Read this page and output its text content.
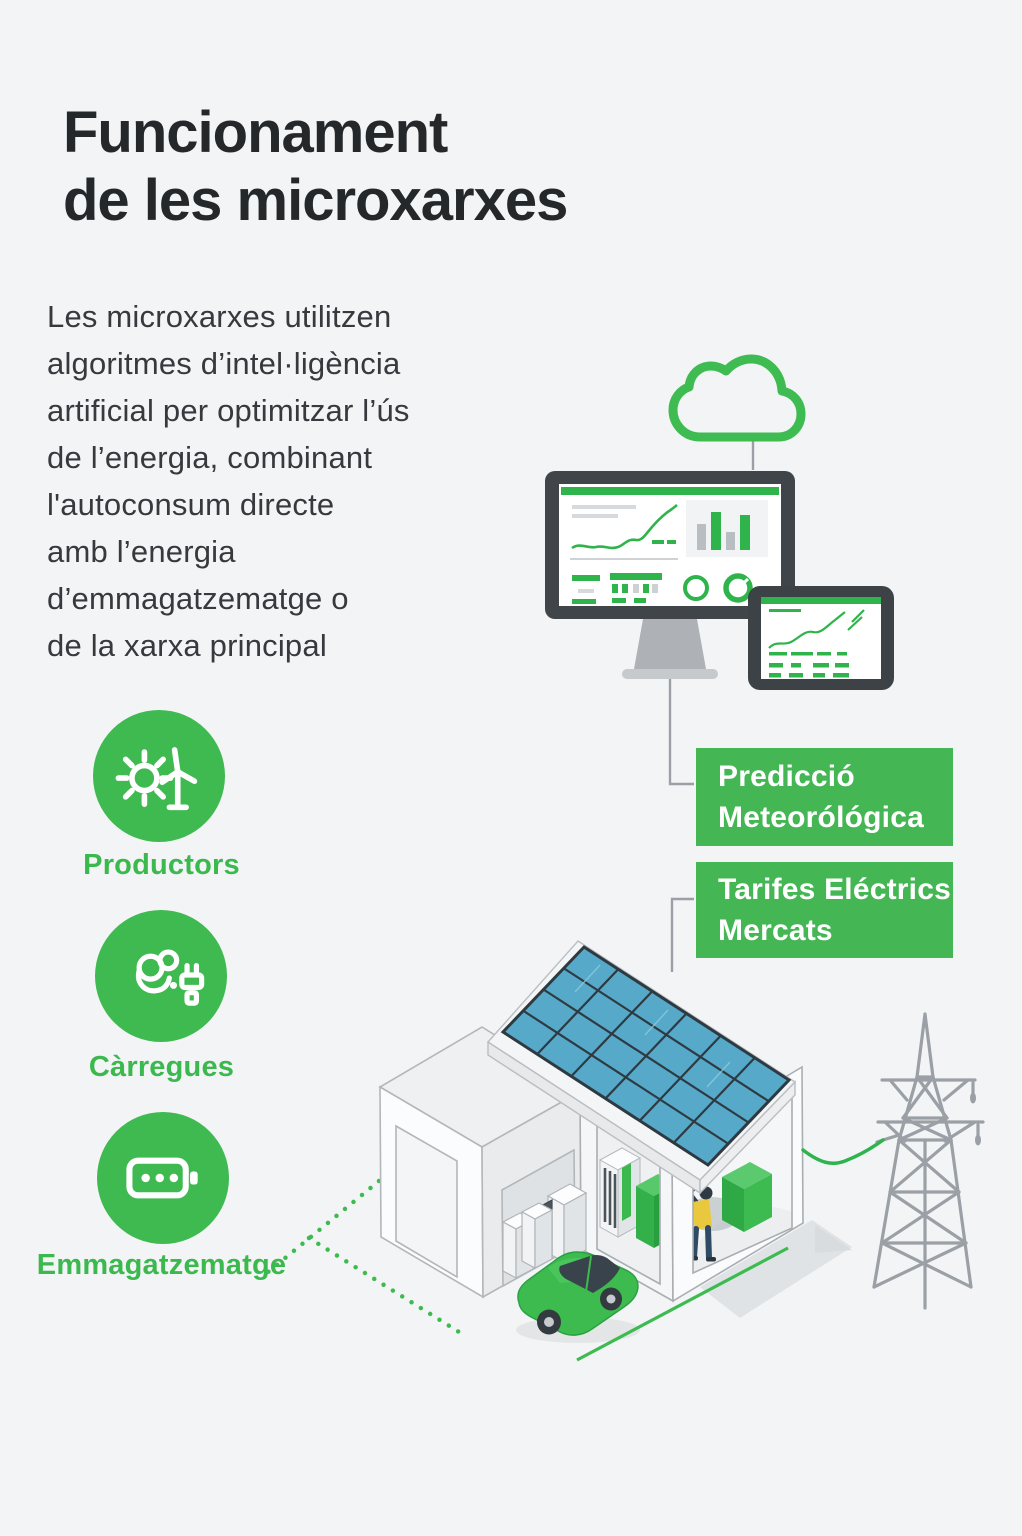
Funcionament
de les microxarxes
Les microxarxes utilitzen
algoritmes d’intel·ligència
artificial per optimitzar l’ús
de l’energia, combinant
l'autoconsum directe
amb l’energia
d’emmagatzematge o
de la xarxa principal
Productors
Càrregues
Emmagatzematge
Predicció
Meteorólógica
Tarifes Eléctrics
Mercats
